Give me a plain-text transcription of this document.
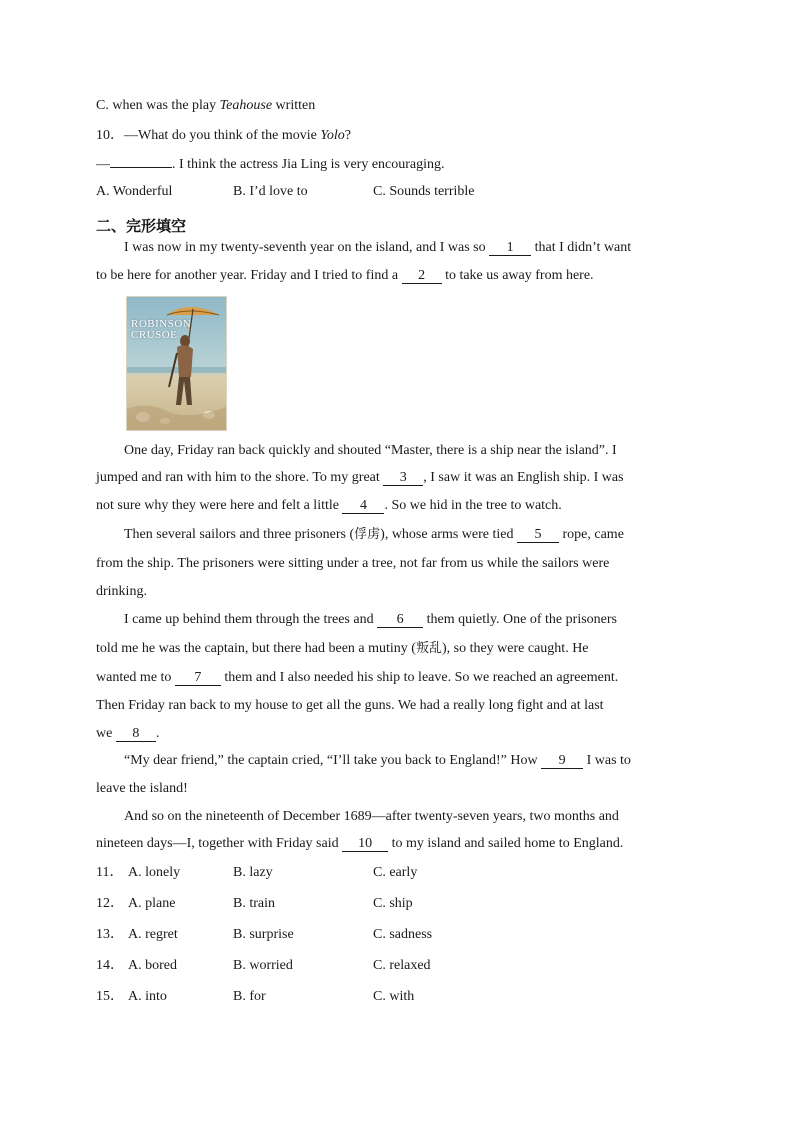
C. when was the play Teahouse written
10．—What do you think of the movie Yolo?
—	. I think the actress Jia Ling is very encouraging.
A. Wonderful	B. I’d love to	C. Sounds terrible
二、完形填空
I was now in my twenty-seventh year on the island, and I was so 1 that I didn’t want
to be here for another year. Friday and I tried to find a 2 to take us away from here.
ROBINSON
CRUSOE
One day, Friday ran back quickly and shouted “Master, there is a ship near the island”. I
jumped and ran with him to the shore. To my great 3 , I saw it was an English ship. I was
not sure why they were here and felt a little 4 . So we hid in the tree to watch.
Then several sailors and three prisoners (俘虏), whose arms were tied 5 rope, came
from the ship. The prisoners were sitting under a tree, not far from us while the sailors were
drinking.
I came up behind them through the trees and 6 them quietly. One of the prisoners
told me he was the captain, but there had been a mutiny (叛乱), so they were caught. He
wanted me to 7 them and I also needed his ship to leave. So we reached an agreement.
Then Friday ran back to my house to get all the guns. We had a really long fight and at last
we 8 .
“My dear friend,” the captain cried, “I’ll take you back to England!” How 9 I was to
leave the island!
And so on the nineteenth of December 1689—after twenty-seven years, two months and
nineteen days—I, together with Friday said 10 to my island and sailed home to England.
11． A. lonely	B. lazy	C. early
12． A. plane	B. train	C. ship
13． A. regret	B. surprise	C. sadness
14． A. bored	B. worried	C. relaxed
15． A. into	B. for	C. with
